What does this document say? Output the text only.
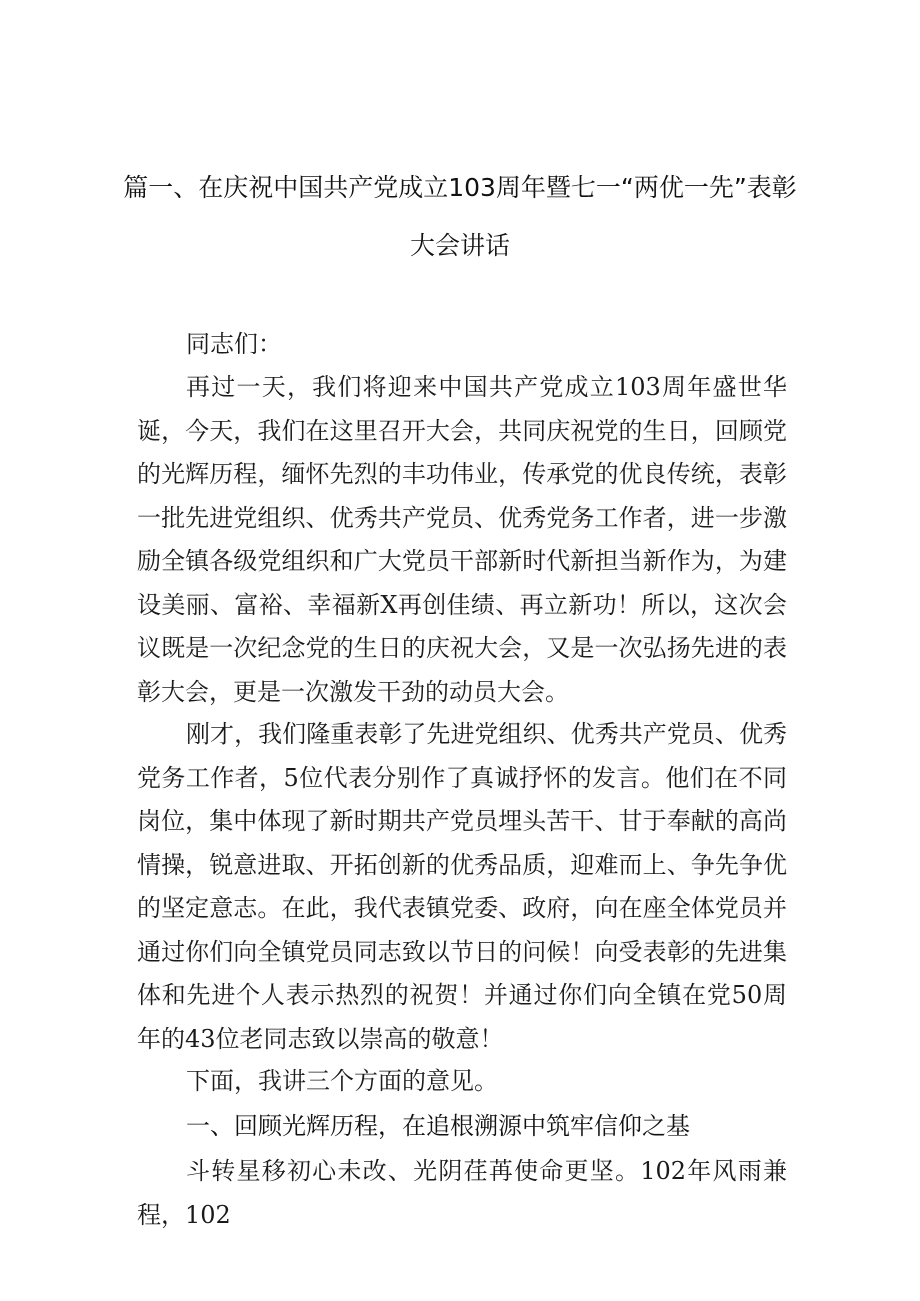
篇一、在庆祝中国共产党成立103周年暨七一“两优一先”表彰
大会讲话
同志们：

再过一天，我们将迎来中国共产党成立103周年盛世华诞，今天，我们在这里召开大会，共同庆祝党的生日，回顾党的光辉历程，缅怀先烈的丰功伟业，传承党的优良传统，表彰一批先进党组织、优秀共产党员、优秀党务工作者，进一步激励全镇各级党组织和广大党员干部新时代新担当新作为，为建设美丽、富裕、幸福新X再创佳绩、再立新功！所以，这次会议既是一次纪念党的生日的庆祝大会，又是一次弘扬先进的表彰大会，更是一次激发干劲的动员大会。

刚才，我们隆重表彰了先进党组织、优秀共产党员、优秀党务工作者，5位代表分别作了真诚抒怀的发言。他们在不同岗位，集中体现了新时期共产党员埋头苦干、甘于奉献的高尚情操，锐意进取、开拓创新的优秀品质，迎难而上、争先争优的坚定意志。在此，我代表镇党委、政府，向在座全体党员并通过你们向全镇党员同志致以节日的问候！向受表彰的先进集体和先进个人表示热烈的祝贺！并通过你们向全镇在党50周年的43位老同志致以崇高的敬意！

下面，我讲三个方面的意见。

一、回顾光辉历程，在追根溯源中筑牢信仰之基

斗转星移初心未改、光阴荏苒使命更坚。102年风雨兼程，102
